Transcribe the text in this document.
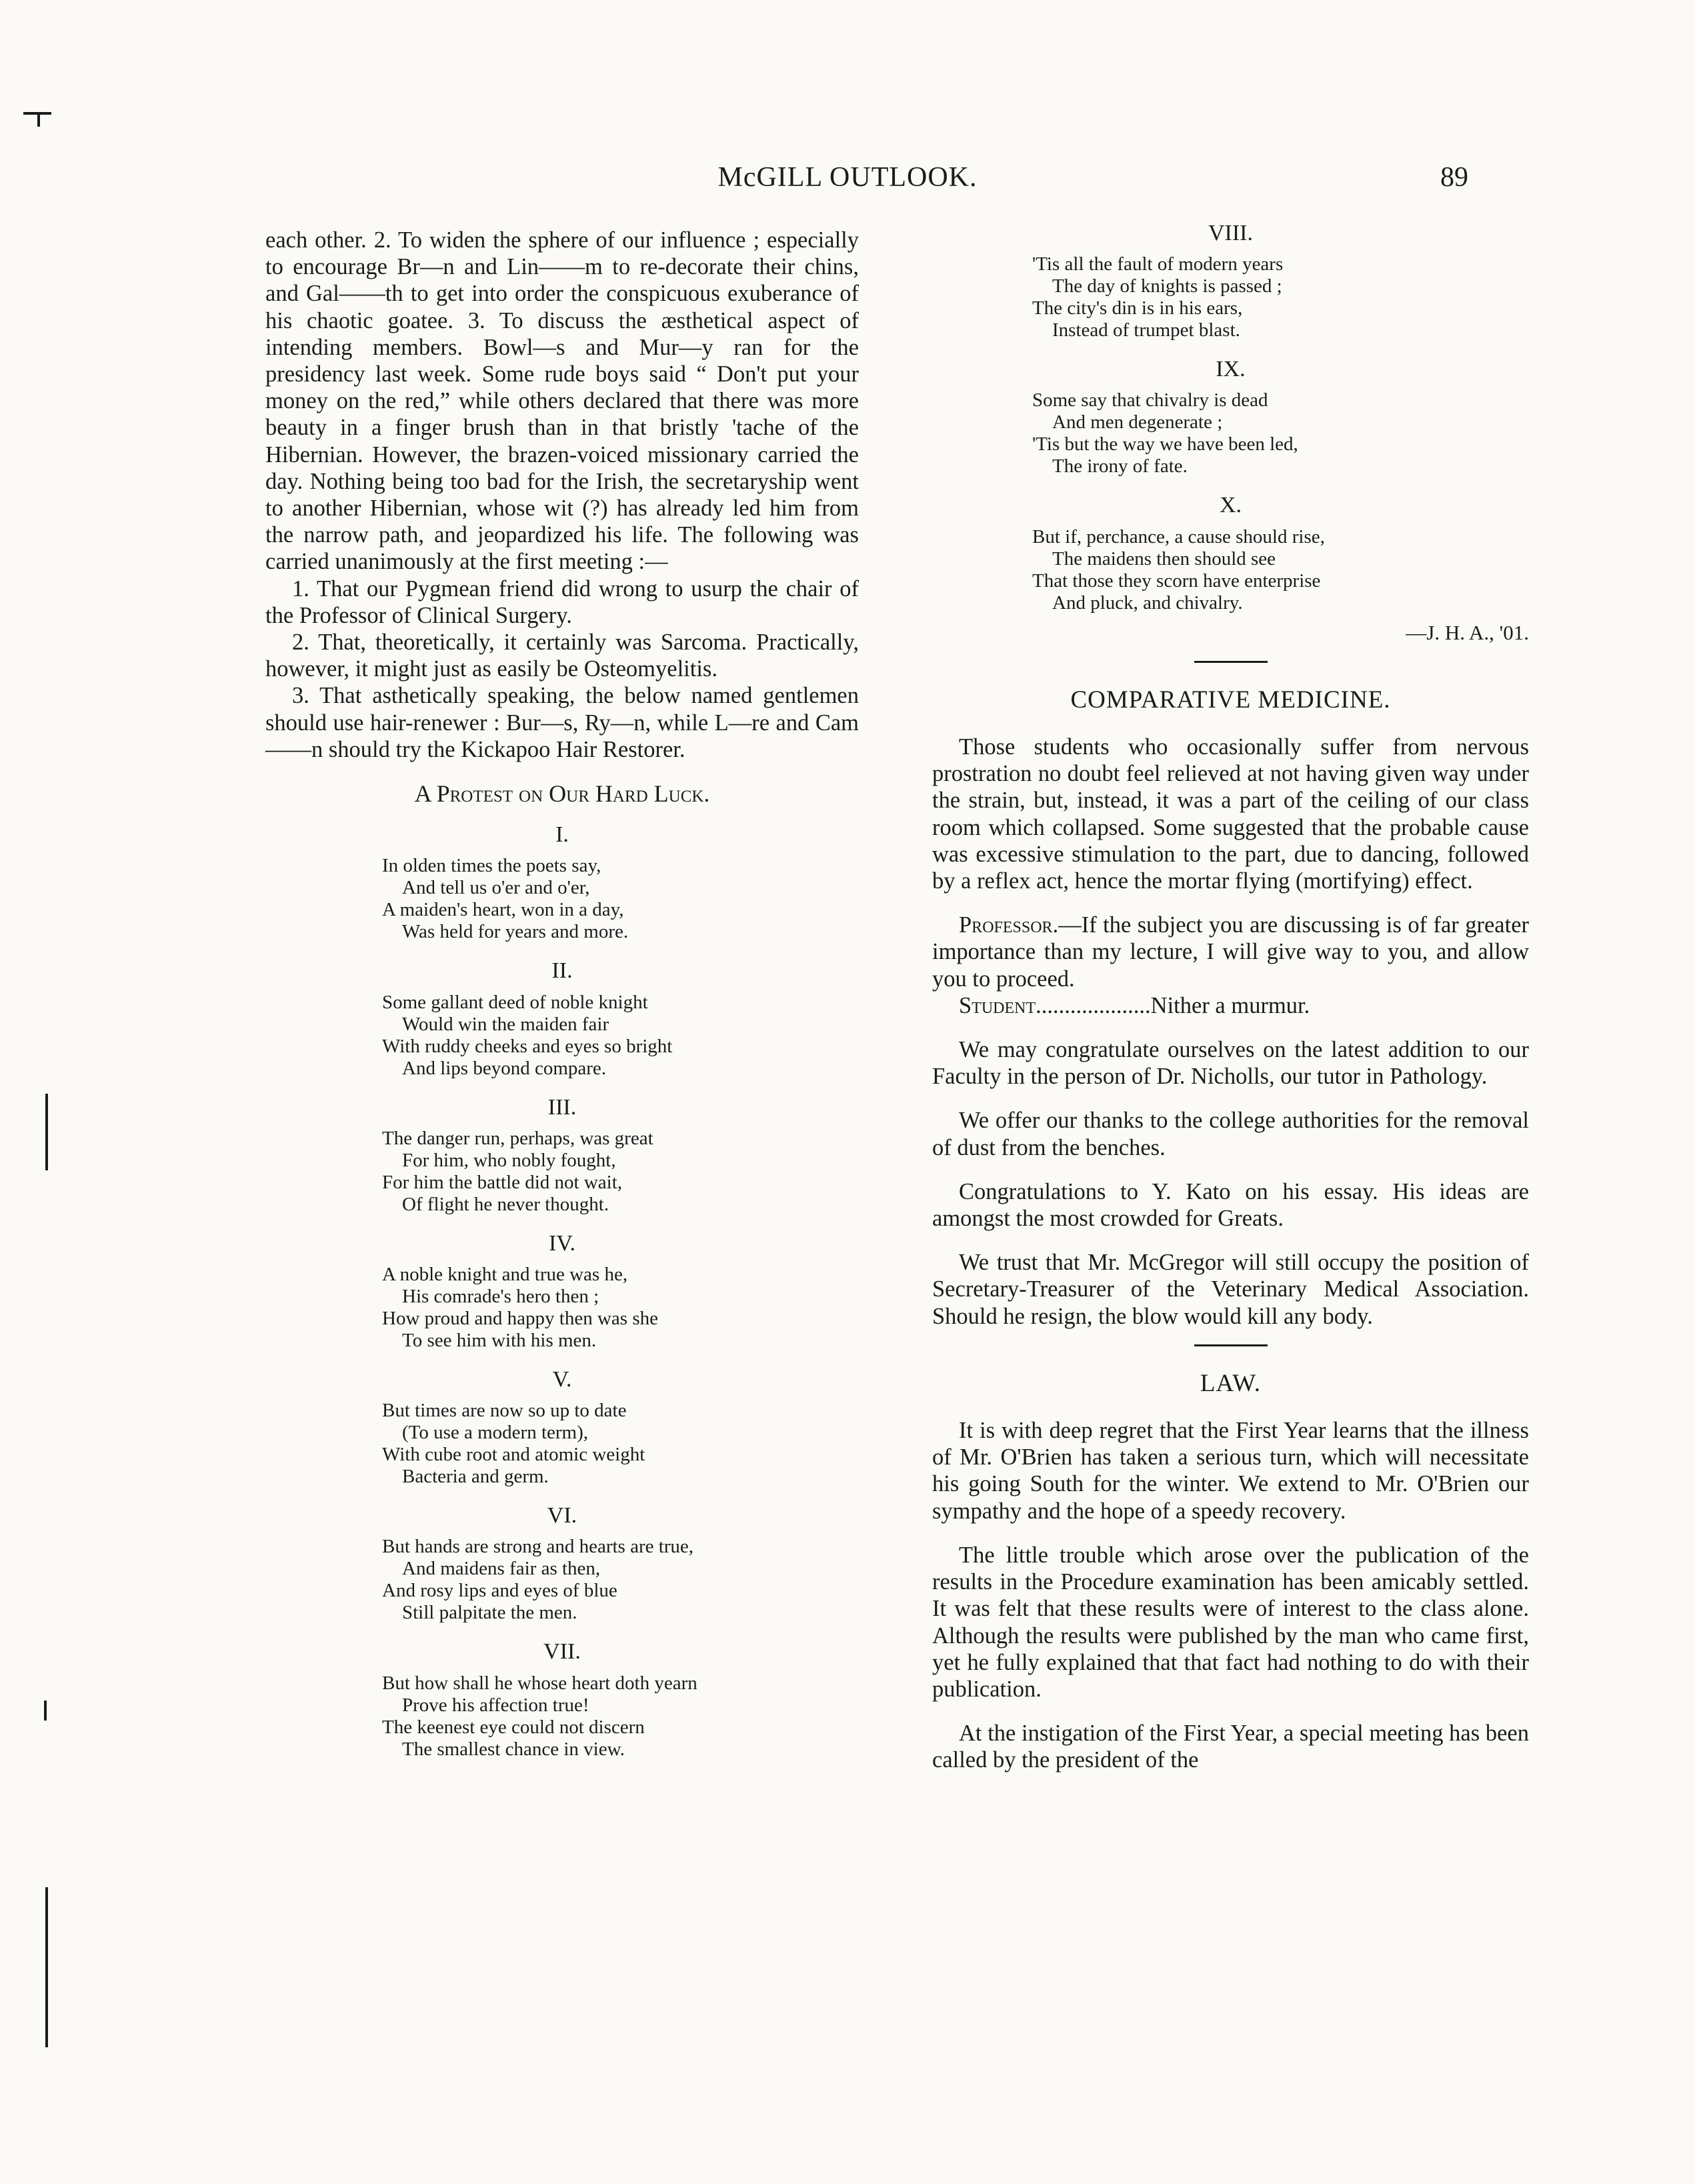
McGILL OUTLOOK.	89

each other. 2. To widen the sphere of our influence ; especially to encourage Br—n and Lin——m to re-decorate their chins, and Gal——th to get into order the conspicuous exuberance of his chaotic goatee. 3. To discuss the æsthetical aspect of intending members. Bowl—s and Mur—y ran for the presidency last week. Some rude boys said “ Don't put your money on the red,” while others declared that there was more beauty in a finger brush than in that bristly 'tache of the Hibernian. However, the brazen-voiced missionary carried the day. Nothing being too bad for the Irish, the secretaryship went to another Hibernian, whose wit (?) has already led him from the narrow path, and jeopardized his life. The following was carried unanimously at the first meeting :—

1. That our Pygmean friend did wrong to usurp the chair of the Professor of Clinical Surgery.

2. That, theoretically, it certainly was Sarcoma. Practically, however, it might just as easily be Osteomyelitis.

3. That asthetically speaking, the below named gentlemen should use hair-renewer : Bur—s, Ry—n, while L—re and Cam——n should try the Kickapoo Hair Restorer.

A Protest on Our Hard Luck.
I.
In olden times the poets say,
And tell us o'er and o'er,
A maiden's heart, won in a day,
Was held for years and more.
II.
Some gallant deed of noble knight
Would win the maiden fair
With ruddy cheeks and eyes so bright
And lips beyond compare.
III.
The danger run, perhaps, was great
For him, who nobly fought,
For him the battle did not wait,
Of flight he never thought.
IV.
A noble knight and true was he,
His comrade's hero then ;
How proud and happy then was she
To see him with his men.
V.
But times are now so up to date
(To use a modern term),
With cube root and atomic weight
Bacteria and germ.
VI.
But hands are strong and hearts are true,
And maidens fair as then,
And rosy lips and eyes of blue
Still palpitate the men.
VII.
But how shall he whose heart doth yearn
Prove his affection true!
The keenest eye could not discern
The smallest chance in view.
VIII.
'Tis all the fault of modern years
The day of knights is passed ;
The city's din is in his ears,
Instead of trumpet blast.
IX.
Some say that chivalry is dead
And men degenerate ;
'Tis but the way we have been led,
The irony of fate.
X.
But if, perchance, a cause should rise,
The maidens then should see
That those they scorn have enterprise
And pluck, and chivalry.
—J. H. A., '01.
COMPARATIVE MEDICINE.

Those students who occasionally suffer from nervous prostration no doubt feel relieved at not having given way under the strain, but, instead, it was a part of the ceiling of our class room which collapsed. Some suggested that the probable cause was excessive stimulation to the part, due to dancing, followed by a reflex act, hence the mortar flying (mortifying) effect.

Professor.—If the subject you are discussing is of far greater importance than my lecture, I will give way to you, and allow you to proceed.

Student....................Nither a murmur.

We may congratulate ourselves on the latest addition to our Faculty in the person of Dr. Nicholls, our tutor in Pathology.

We offer our thanks to the college authorities for the removal of dust from the benches.

Congratulations to Y. Kato on his essay. His ideas are amongst the most crowded for Greats.

We trust that Mr. McGregor will still occupy the position of Secretary-Treasurer of the Veterinary Medical Association. Should he resign, the blow would kill any body.

LAW.

It is with deep regret that the First Year learns that the illness of Mr. O'Brien has taken a serious turn, which will necessitate his going South for the winter. We extend to Mr. O'Brien our sympathy and the hope of a speedy recovery.

The little trouble which arose over the publication of the results in the Procedure examination has been amicably settled. It was felt that these results were of interest to the class alone. Although the results were published by the man who came first, yet he fully explained that that fact had nothing to do with their publication.

At the instigation of the First Year, a special meeting has been called by the president of the
